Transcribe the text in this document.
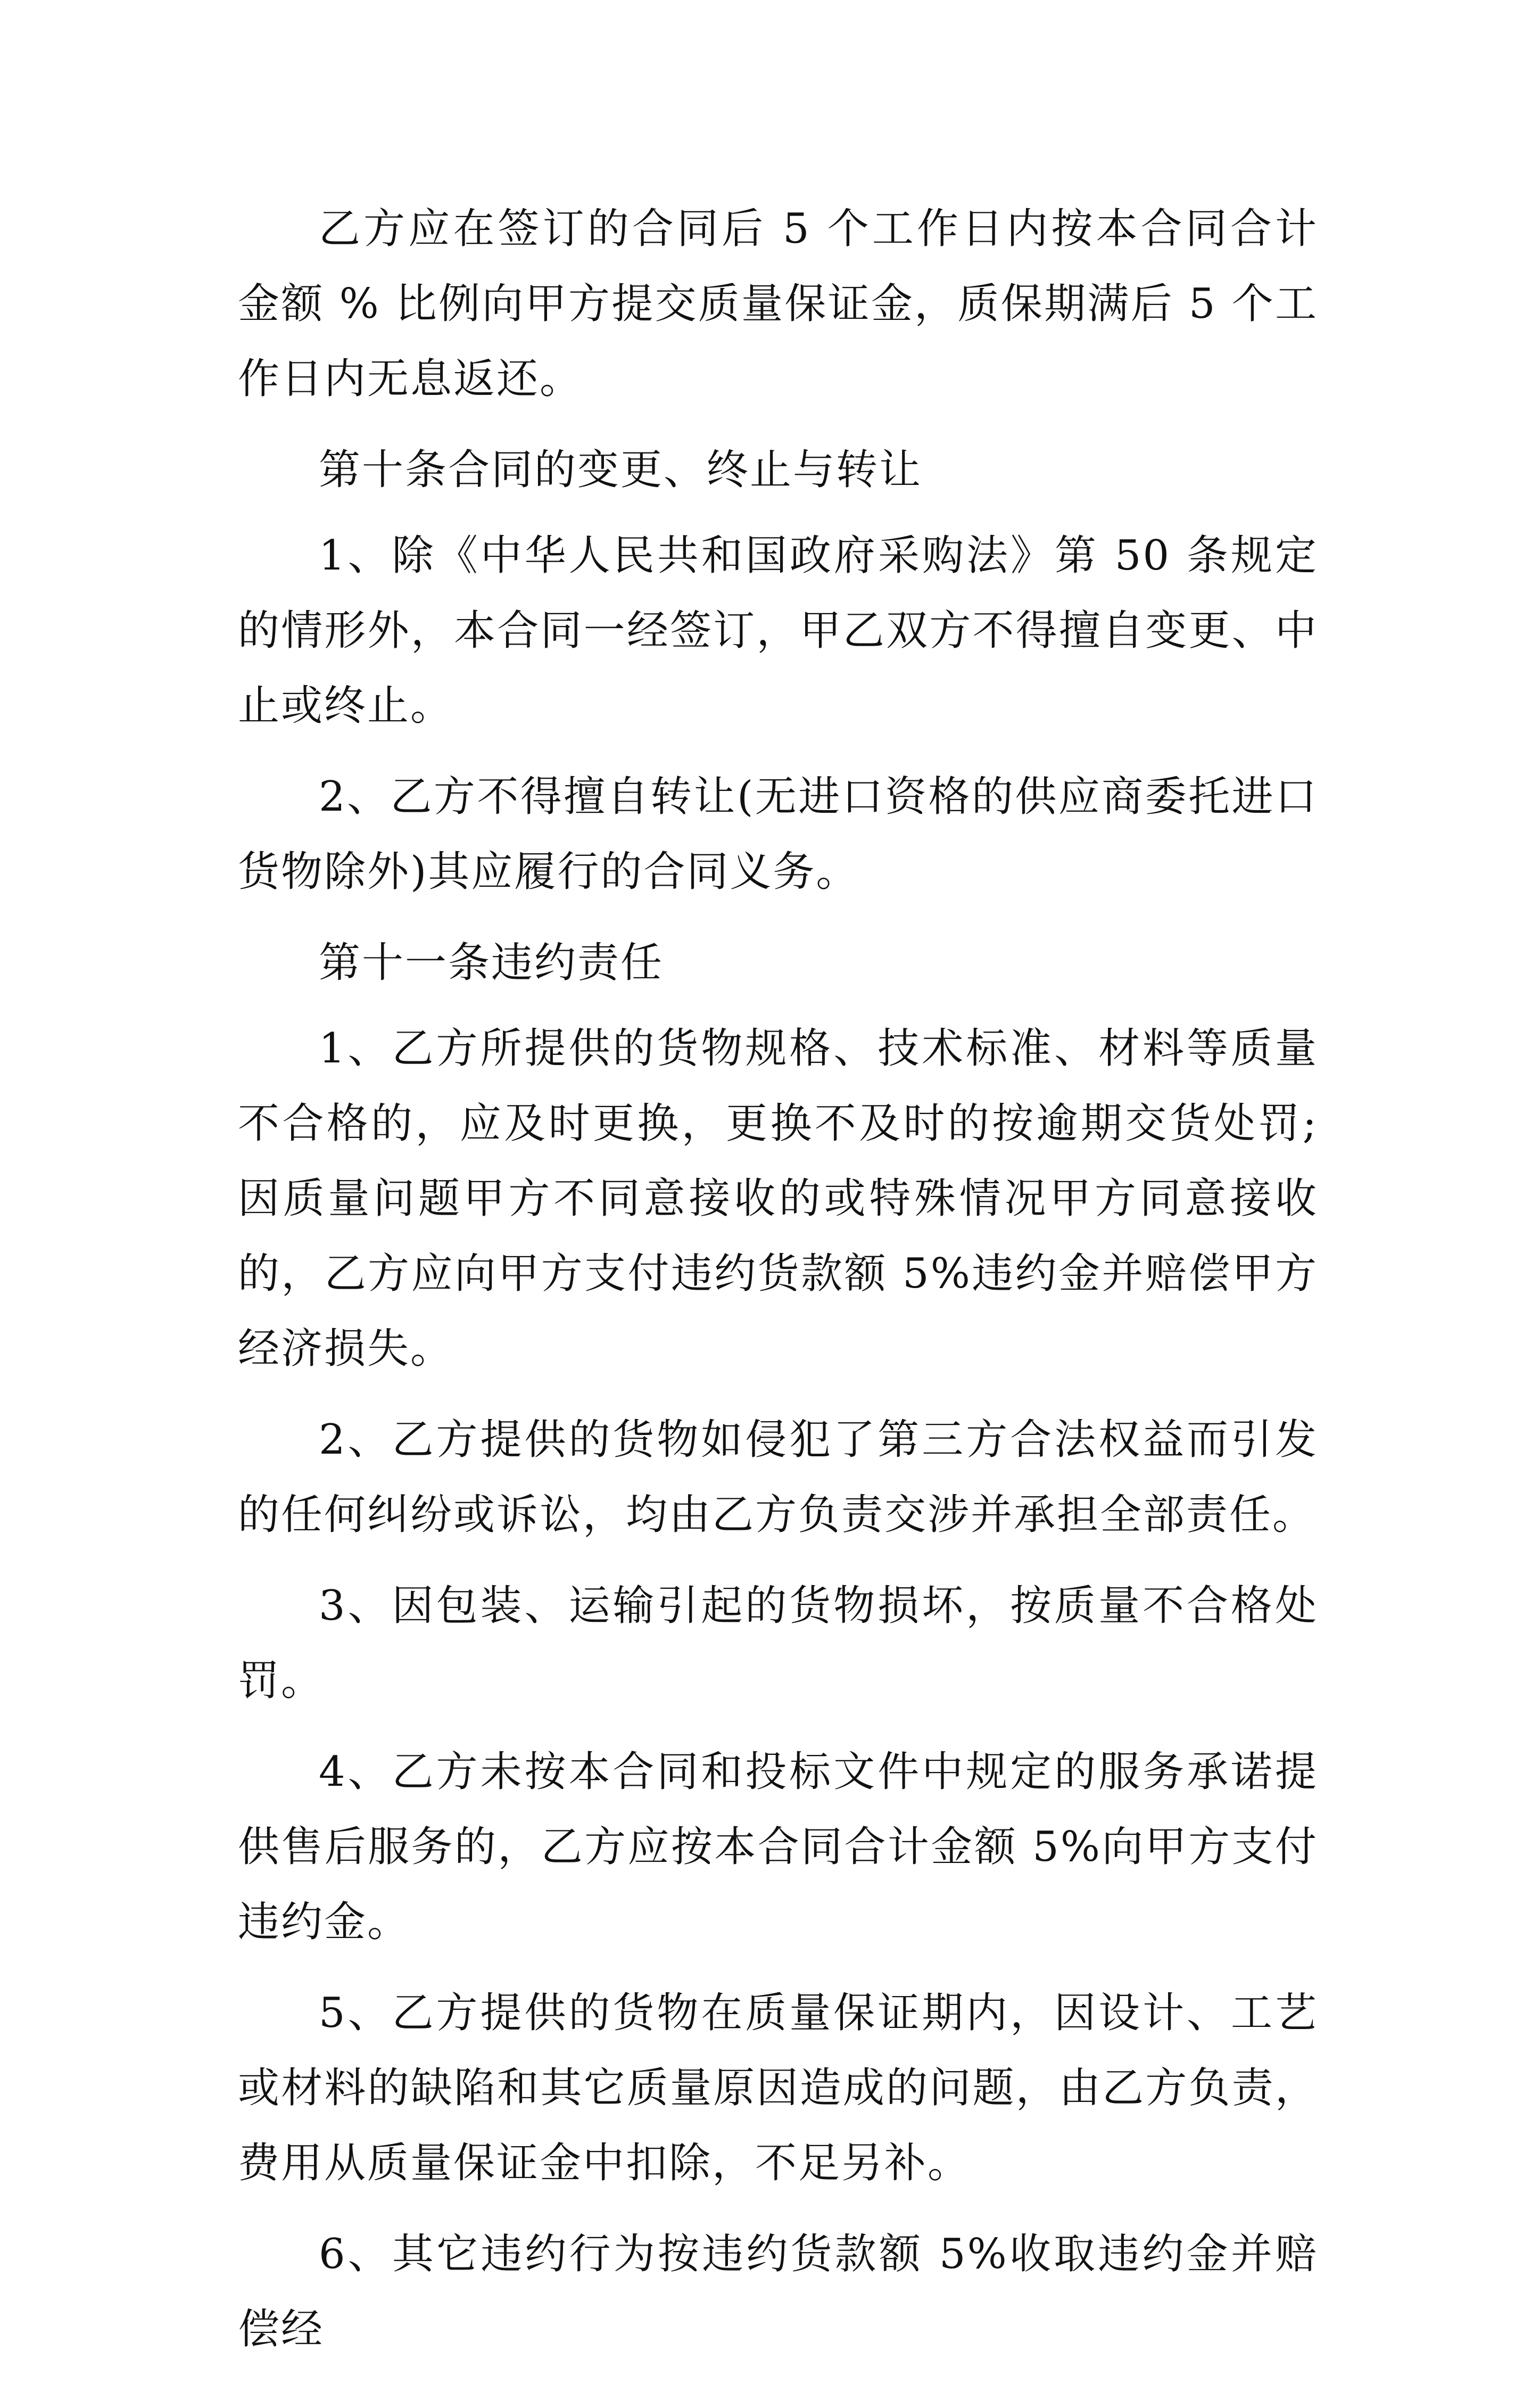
乙方应在签订的合同后 5 个工作日内按本合同合计金额 % 比例向甲方提交质量保证金，质保期满后 5 个工作日内无息返还。

第十条合同的变更、终止与转让

1、除《中华人民共和国政府采购法》第 50 条规定的情形外，本合同一经签订，甲乙双方不得擅自变更、中止或终止。

2、乙方不得擅自转让(无进口资格的供应商委托进口货物除外)其应履行的合同义务。

第十一条违约责任

1、乙方所提供的货物规格、技术标准、材料等质量不合格的，应及时更换，更换不及时的按逾期交货处罚;因质量问题甲方不同意接收的或特殊情况甲方同意接收的，乙方应向甲方支付违约货款额 5%违约金并赔偿甲方经济损失。

2、乙方提供的货物如侵犯了第三方合法权益而引发的任何纠纷或诉讼，均由乙方负责交涉并承担全部责任。

3、因包装、运输引起的货物损坏，按质量不合格处罚。

4、乙方未按本合同和投标文件中规定的服务承诺提供售后服务的，乙方应按本合同合计金额 5%向甲方支付违约金。

5、乙方提供的货物在质量保证期内，因设计、工艺或材料的缺陷和其它质量原因造成的问题，由乙方负责，费用从质量保证金中扣除，不足另补。

6、其它违约行为按违约货款额 5%收取违约金并赔偿经
